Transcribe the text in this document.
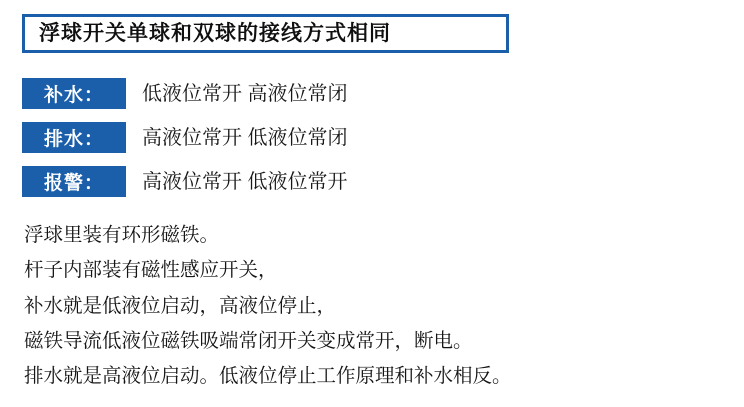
浮球开关单球和双球的接线方式相同
补水：	低液位常开 高液位常闭
排水：	高液位常开 低液位常闭
报警：	高液位常开 低液位常开

浮球里装有环形磁铁。

杆子内部装有磁性感应开关，

补水就是低液位启动，高液位停止，

磁铁导流低液位磁铁吸端常闭开关变成常开，断电。

排水就是高液位启动。低液位停止工作原理和补水相反。
